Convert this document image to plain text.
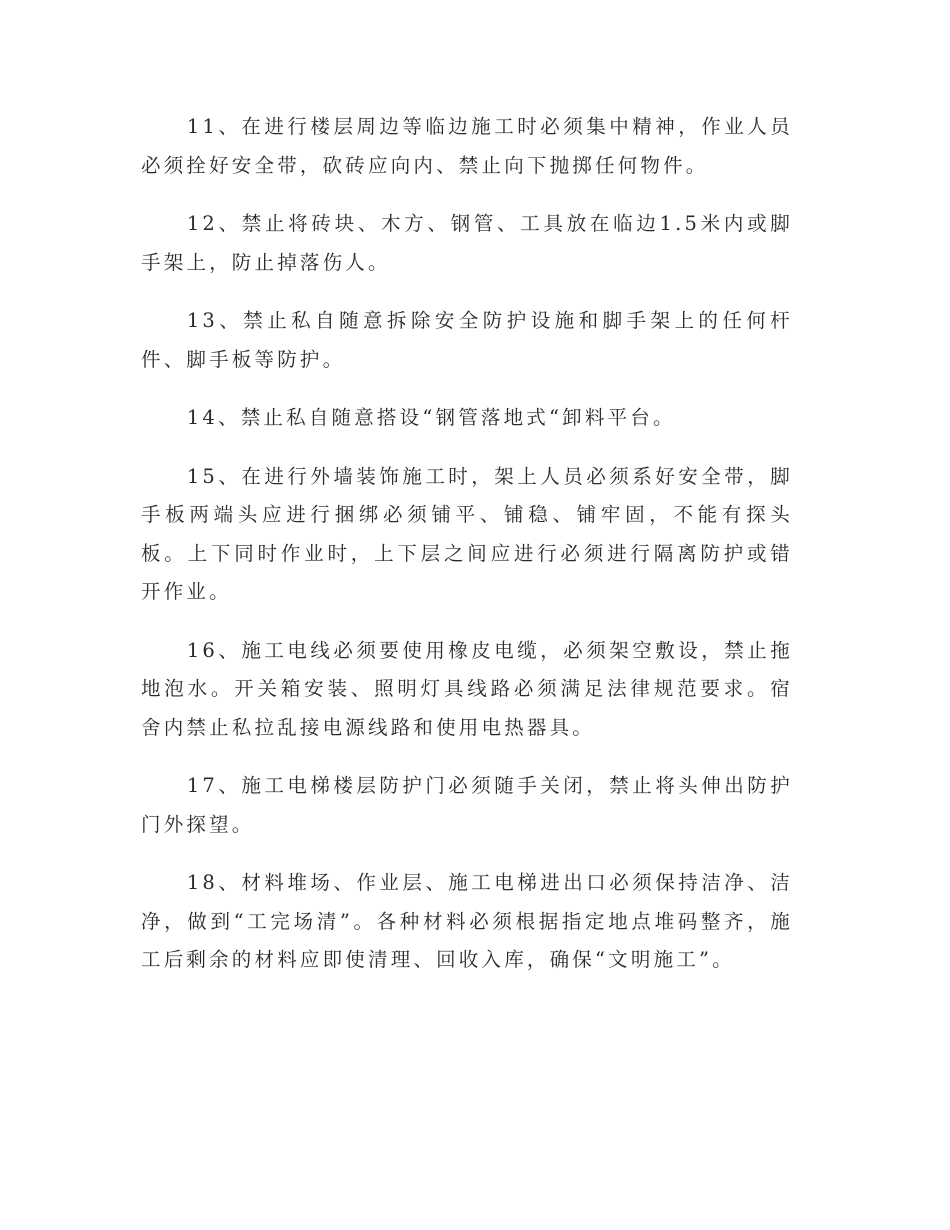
11、在进行楼层周边等临边施工时必须集中精神，作业人员必须拴好安全带，砍砖应向内、禁止向下抛掷任何物件。

12、禁止将砖块、木方、钢管、工具放在临边1.5米内或脚手架上，防止掉落伤人。

13、禁止私自随意拆除安全防护设施和脚手架上的任何杆件、脚手板等防护。

14、禁止私自随意搭设“钢管落地式“卸料平台。

15、在进行外墙装饰施工时，架上人员必须系好安全带，脚手板两端头应进行捆绑必须铺平、铺稳、铺牢固，不能有探头板。上下同时作业时，上下层之间应进行必须进行隔离防护或错开作业。

16、施工电线必须要使用橡皮电缆，必须架空敷设，禁止拖地泡水。开关箱安装、照明灯具线路必须满足法律规范要求。宿舍内禁止私拉乱接电源线路和使用电热器具。

17、施工电梯楼层防护门必须随手关闭，禁止将头伸出防护门外探望。

18、材料堆场、作业层、施工电梯进出口必须保持洁净、洁净，做到“工完场清”。各种材料必须根据指定地点堆码整齐，施工后剩余的材料应即使清理、回收入库，确保“文明施工”。
